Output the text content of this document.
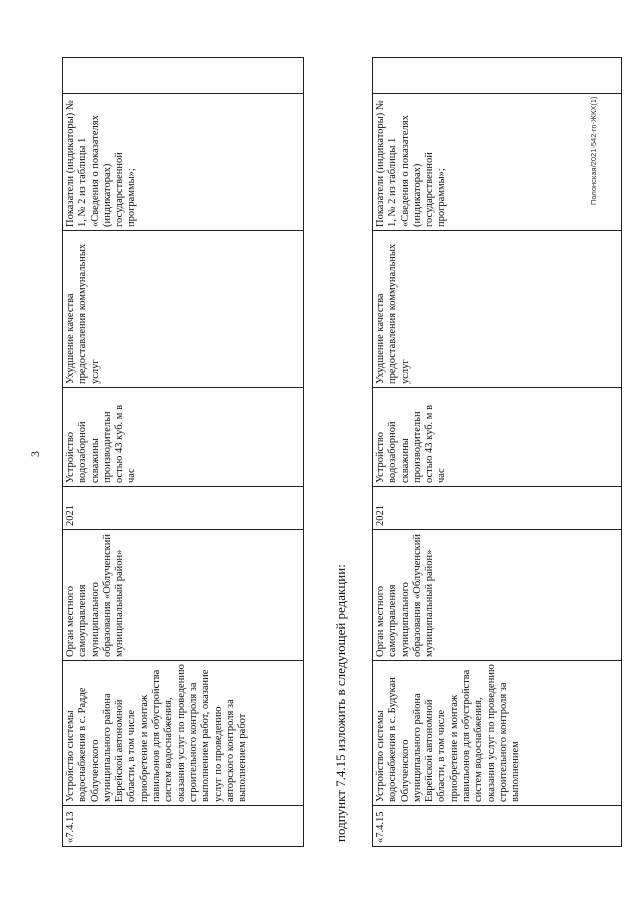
3
«7.4.13	Устройство системы водоснабжения в с. Радде Облученского муниципального района Еврейской автономной области, в том числе приобретение и монтаж павильонов для обустройства систем водоснабжения, оказания услуг по проведению строительного контроля за выполнением работ, оказание услуг по проведению авторского контроля за выполнением работ	Орган местного самоуправления муниципального образования «Облученский муниципальный район»	2021	Устройство водозаборной скважины производительн остью 43 куб. м в час	Ухудшение качества предоставления коммунальных услуг	Показатели (индикаторы) № 1, № 2 из таблицы 1 «Сведения о показателях (индикаторах) государственной программы»;	
подпункт 7.4.15 изложить в следующей редакции:	«7.4.15	Устройство системы водоснабжения в с. Будукан Облученского муниципального района Еврейской автономной области, в том числе приобретение и монтаж павильонов для обустройства систем водоснабжения, оказания услуг по проведению строительного контроля за выполнением	Орган местного самоуправления муниципального образования «Облученский муниципальный район»	2021	Устройство водозаборной скважины производительн остью 43 куб. м в час	Ухудшение качества предоставления коммунальных услуг	Показатели (индикаторы) № 1, № 2 из таблицы 1 «Сведения о показателях (индикаторах) государственной программы»;		Полонская/2021-542-rn-ЖКХ(1)
